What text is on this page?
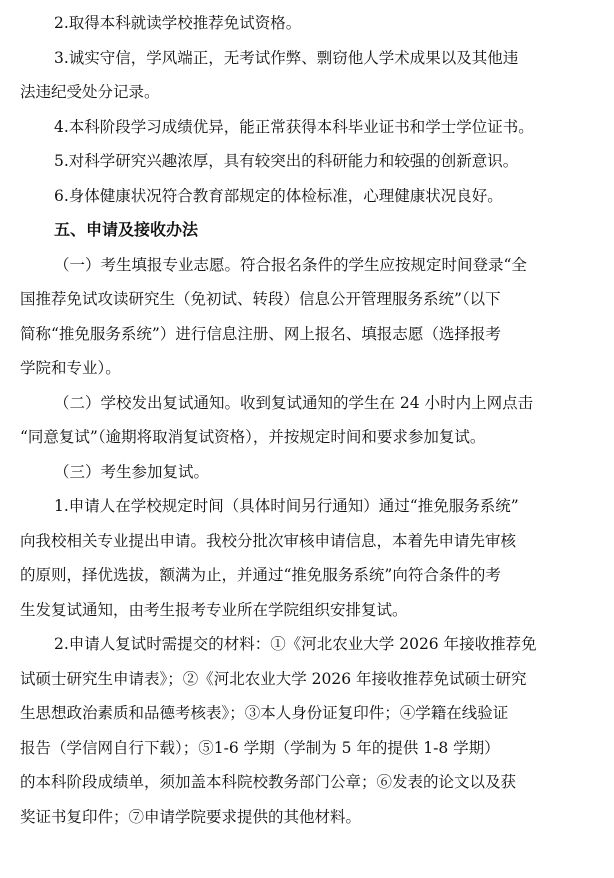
2.取得本科就读学校推荐免试资格。
3.诚实守信，学风端正，无考试作弊、剽窃他人学术成果以及其他违
法违纪受处分记录。
4.本科阶段学习成绩优异，能正常获得本科毕业证书和学士学位证书。
5.对科学研究兴趣浓厚，具有较突出的科研能力和较强的创新意识。
6.身体健康状况符合教育部规定的体检标准，心理健康状况良好。
五、申请及接收办法
（一）考生填报专业志愿。符合报名条件的学生应按规定时间登录“全
国推荐免试攻读研究生（免初试、转段）信息公开管理服务系统”（以下
简称“推免服务系统”）进行信息注册、网上报名、填报志愿（选择报考
学院和专业）。
（二）学校发出复试通知。收到复试通知的学生在 24 小时内上网点击
“同意复试”（逾期将取消复试资格），并按规定时间和要求参加复试。
（三）考生参加复试。
1.申请人在学校规定时间（具体时间另行通知）通过“推免服务系统”
向我校相关专业提出申请。我校分批次审核申请信息，本着先申请先审核
的原则，择优选拔，额满为止，并通过“推免服务系统”向符合条件的考
生发复试通知，由考生报考专业所在学院组织安排复试。
2.申请人复试时需提交的材料：①《河北农业大学 2026 年接收推荐免
试硕士研究生申请表》；②《河北农业大学 2026 年接收推荐免试硕士研究
生思想政治素质和品德考核表》；③本人身份证复印件；④学籍在线验证
报告（学信网自行下载）；⑤1-6 学期（学制为 5 年的提供 1-8 学期）
的本科阶段成绩单，须加盖本科院校教务部门公章；⑥发表的论文以及获
奖证书复印件；⑦申请学院要求提供的其他材料。
